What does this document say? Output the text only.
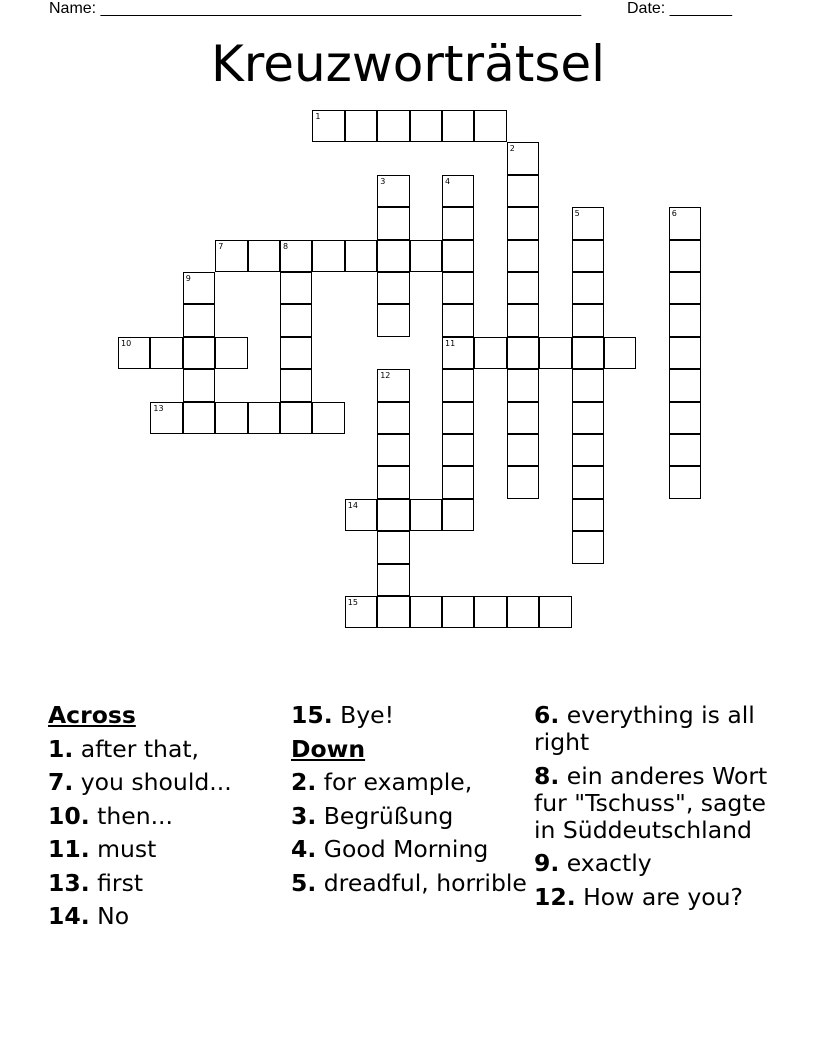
Name: ______________________________________________________	Date: _______
Kreuzworträtsel
1
2
3	4
11
5	6
7	8
9
10
12
13
14
15
Across
1. after that,
7. you should...
10. then...
11. must
13. first
14. No
15. Bye!
Down
2. for example,
3. Begrüßung
4. Good Morning
5. dreadful, horrible
6. everything is all right
8. ein anderes Wort fur "Tschuss", sagte in Süddeutschland
9. exactly
12. How are you?
